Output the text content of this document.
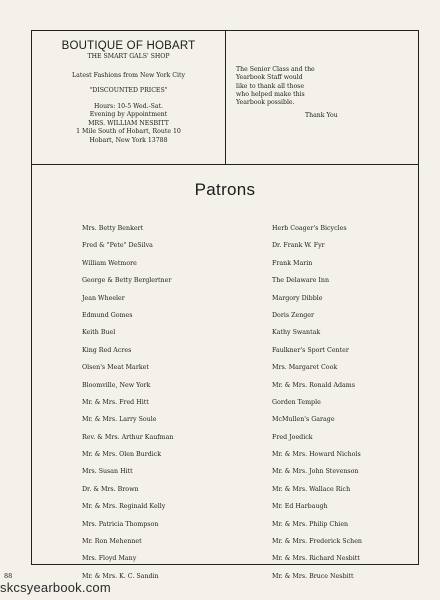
BOUTIQUE OF HOBART
THE SMART GALS' SHOP
Latest Fashions from New York City
"DISCOUNTED PRICES"
Hours: 10-5 Wed.-Sat.
Evening by Appointment
MRS. WILLIAM NESBITT
1 Mile South of Hobart, Route 10
Hobart, New York 13788
The Senior Class and the
Yearbook Staff would
like to thank all those
who helped make this
Yearbook possible.
Thank You
Patrons
Mrs. Betty Benkert
Fred & "Pete" DeSilva
William Wetmore
George & Betty Berglertner
Jean Wheeler
Edmund Gomes
Keith Buel
King Red Acres
Olsen's Meat Market
Bloomville, New York
Mr. & Mrs. Fred Hitt
Mr. & Mrs. Larry Soule
Rev. & Mrs. Arthur Kaufman
Mr. & Mrs. Olen Burdick
Mrs. Susan Hitt
Dr. & Mrs. Brown
Mr. & Mrs. Reginald Kelly
Mrs. Patricia Thompson
Mr. Ron Mehennet
Mrs. Floyd Many
Mr. & Mrs. K. C. Sandin
Herb Coager's Bicycles
Dr. Frank W. Fyr
Frank Marin
The Delaware Inn
Margory Dibble
Doris Zenger
Kathy Swantak
Faulkner's Sport Center
Mrs. Margaret Cook
Mr. & Mrs. Ronald Adams
Gorden Temple
McMullen's Garage
Fred Joedick
Mr. & Mrs. Howard Nichols
Mr. & Mrs. John Stevenson
Mr. & Mrs. Wallace Rich
Mr. Ed Harbaugh
Mr. & Mrs. Philip Chien
Mr. & Mrs. Frederick Schen
Mr. & Mrs. Richard Nesbitt
Mr. & Mrs. Bruce Nesbitt
88
skcsyearbook.com
